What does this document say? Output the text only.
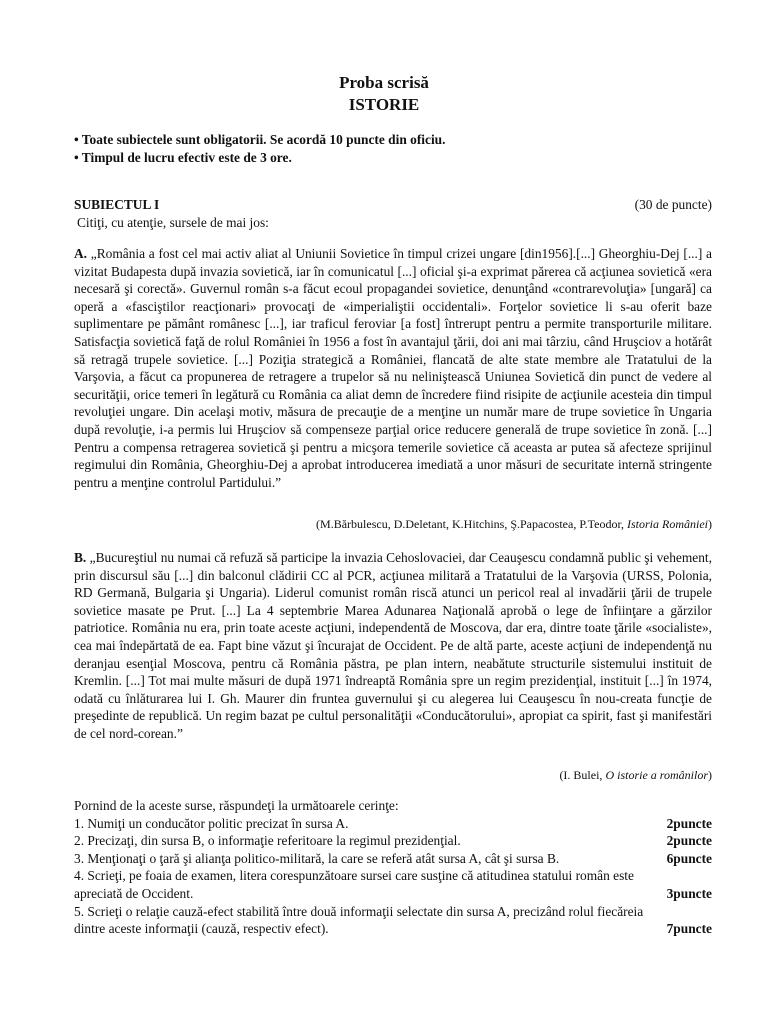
Proba scrisă
ISTORIE
• Toate subiectele sunt obligatorii. Se acordă 10 puncte din oficiu.
• Timpul de lucru efectiv este de 3 ore.
SUBIECTUL I	(30 de puncte)
Citiţi, cu atenţie, sursele de mai jos:
A. „România a fost cel mai activ aliat al Uniunii Sovietice în timpul crizei ungare [din1956].[...] Gheorghiu-Dej [...] a vizitat Budapesta după invazia sovietică, iar în comunicatul [...] oficial şi-a exprimat părerea că acţiunea sovietică «era necesară şi corectă». Guvernul român s-a făcut ecoul propagandei sovietice, denunţând «contrarevoluţia» [ungară] ca operă a «fasciştilor reacţionari» provocaţi de «imperialiştii occidentali». Forţelor sovietice li s-au oferit baze suplimentare pe pământ românesc [...], iar traficul feroviar [a fost] întrerupt pentru a permite transporturile militare. Satisfacţia sovietică faţă de rolul României în 1956 a fost în avantajul ţării, doi ani mai târziu, când Hruşciov a hotărât să retragă trupele sovietice. [...] Poziţia strategică a României, flancată de alte state membre ale Tratatului de la Varşovia, a făcut ca propunerea de retragere a trupelor să nu neliniştească Uniunea Sovietică din punct de vedere al securităţii, orice temeri în legătură cu România ca aliat demn de încredere fiind risipite de acţiunile acesteia din timpul revoluţiei ungare. Din acelaşi motiv, măsura de precauţie de a menţine un număr mare de trupe sovietice în Ungaria după revoluţie, i-a permis lui Hruşciov să compenseze parţial orice reducere generală de trupe sovietice în zonă. [...] Pentru a compensa retragerea sovietică şi pentru a micşora temerile sovietice că aceasta ar putea să afecteze sprijinul regimului din România, Gheorghiu-Dej a aprobat introducerea imediată a unor măsuri de securitate internă stringente pentru a menţine controlul Partidului.”
(M.Bărbulescu, D.Deletant, K.Hitchins, Ş.Papacostea, P.Teodor, Istoria României)
B. „Bucureştiul nu numai că refuză să participe la invazia Cehoslovaciei, dar Ceauşescu condamnă public şi vehement, prin discursul său [...] din balconul clădirii CC al PCR, acţiunea militară a Tratatului de la Varşovia (URSS, Polonia, RD Germană, Bulgaria şi Ungaria). Liderul comunist român riscă atunci un pericol real al invadării ţării de trupele sovietice masate pe Prut. [...] La 4 septembrie Marea Adunarea Naţională aprobă o lege de înfiinţare a gărzilor patriotice. România nu era, prin toate aceste acţiuni, independentă de Moscova, dar era, dintre toate ţările «socialiste», cea mai îndepărtată de ea. Fapt bine văzut şi încurajat de Occident. Pe de altă parte, aceste acţiuni de independenţă nu deranjau esenţial Moscova, pentru că România păstra, pe plan intern, neabătute structurile sistemului instituit de Kremlin. [...] Tot mai multe măsuri de după 1971 îndreaptă România spre un regim prezidenţial, instituit [...] în 1974, odată cu înlăturarea lui I. Gh. Maurer din fruntea guvernului şi cu alegerea lui Ceauşescu în nou-creata funcţie de preşedinte de republică. Un regim bazat pe cultul personalităţii «Conducătorului», apropiat ca spirit, fast şi manifestări de cel nord-corean.”
(I. Bulei, O istorie a românilor)
Pornind de la aceste surse, răspundeţi la următoarele cerinţe:
1. Numiţi un conducător politic precizat în sursa A.	2puncte
2. Precizaţi, din sursa B, o informaţie referitoare la regimul prezidenţial.	2puncte
3. Menţionaţi o ţară şi alianţa politico-militară, la care se referă atât sursa A, cât şi sursa B.	6puncte
4. Scrieţi, pe foaia de examen, litera corespunzătoare sursei care susţine că atitudinea statului român este apreciată de Occident.	3puncte
5. Scrieţi o relaţie cauză-efect stabilită între două informaţii selectate din sursa A, precizând rolul fiecăreia dintre aceste informaţii (cauză, respectiv efect).	7puncte
